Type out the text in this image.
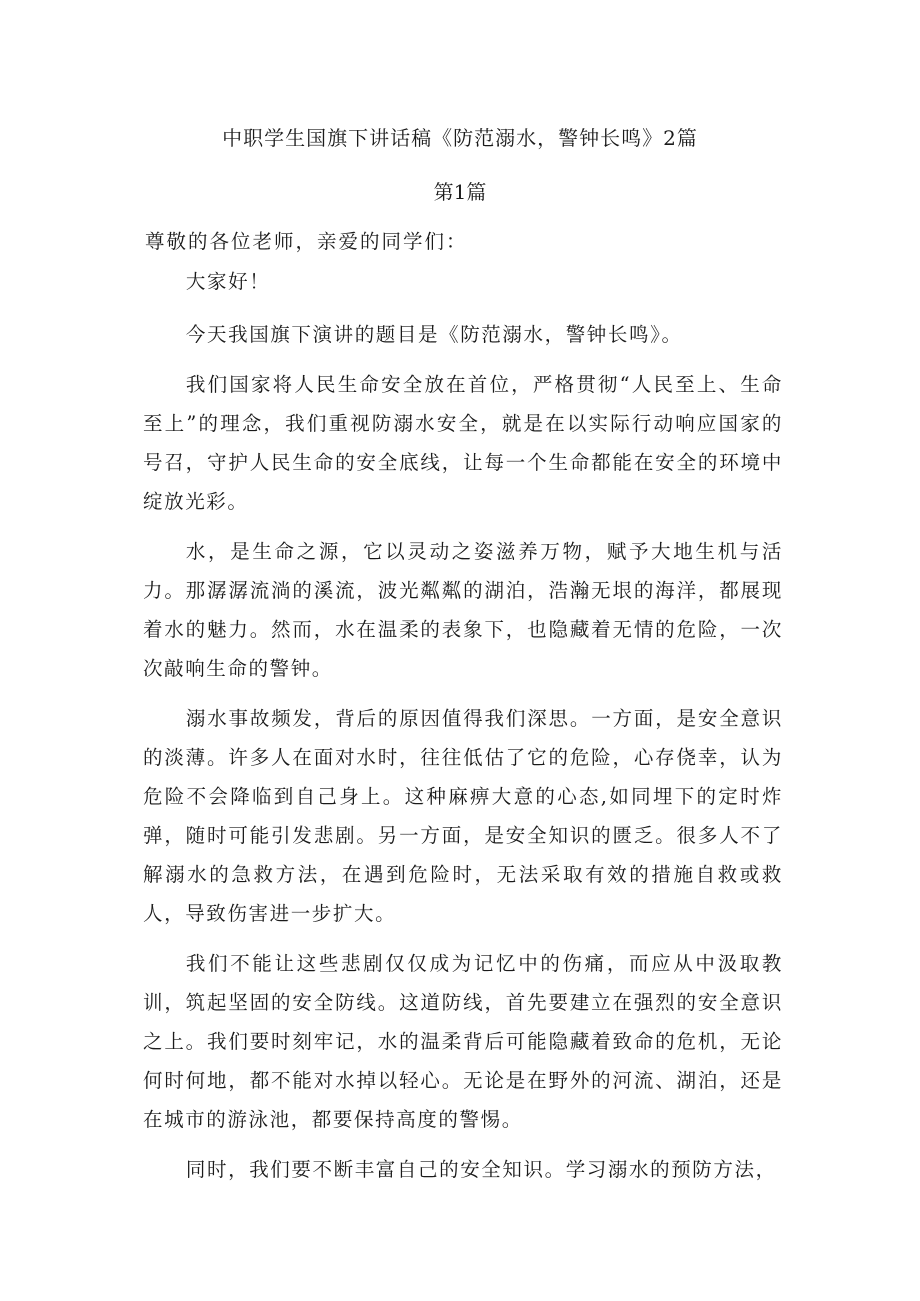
中职学生国旗下讲话稿《防范溺水，警钟长鸣》2篇
第1篇

尊敬的各位老师，亲爱的同学们：

大家好！

今天我国旗下演讲的题目是《防范溺水，警钟长鸣》。

我们国家将人民生命安全放在首位，严格贯彻“人民至上、生命至上”的理念，我们重视防溺水安全，就是在以实际行动响应国家的号召，守护人民生命的安全底线，让每一个生命都能在安全的环境中绽放光彩。

水，是生命之源，它以灵动之姿滋养万物，赋予大地生机与活力。那潺潺流淌的溪流，波光粼粼的湖泊，浩瀚无垠的海洋，都展现着水的魅力。然而，水在温柔的表象下，也隐藏着无情的危险，一次次敲响生命的警钟。

溺水事故频发，背后的原因值得我们深思。一方面，是安全意识的淡薄。许多人在面对水时，往往低估了它的危险，心存侥幸，认为危险不会降临到自己身上。这种麻痹大意的心态,如同埋下的定时炸弹，随时可能引发悲剧。另一方面，是安全知识的匮乏。很多人不了解溺水的急救方法，在遇到危险时，无法采取有效的措施自救或救人，导致伤害进一步扩大。

我们不能让这些悲剧仅仅成为记忆中的伤痛，而应从中汲取教训，筑起坚固的安全防线。这道防线，首先要建立在强烈的安全意识之上。我们要时刻牢记，水的温柔背后可能隐藏着致命的危机，无论何时何地，都不能对水掉以轻心。无论是在野外的河流、湖泊，还是在城市的游泳池，都要保持高度的警惕。

同时，我们要不断丰富自己的安全知识。学习溺水的预防方法，
